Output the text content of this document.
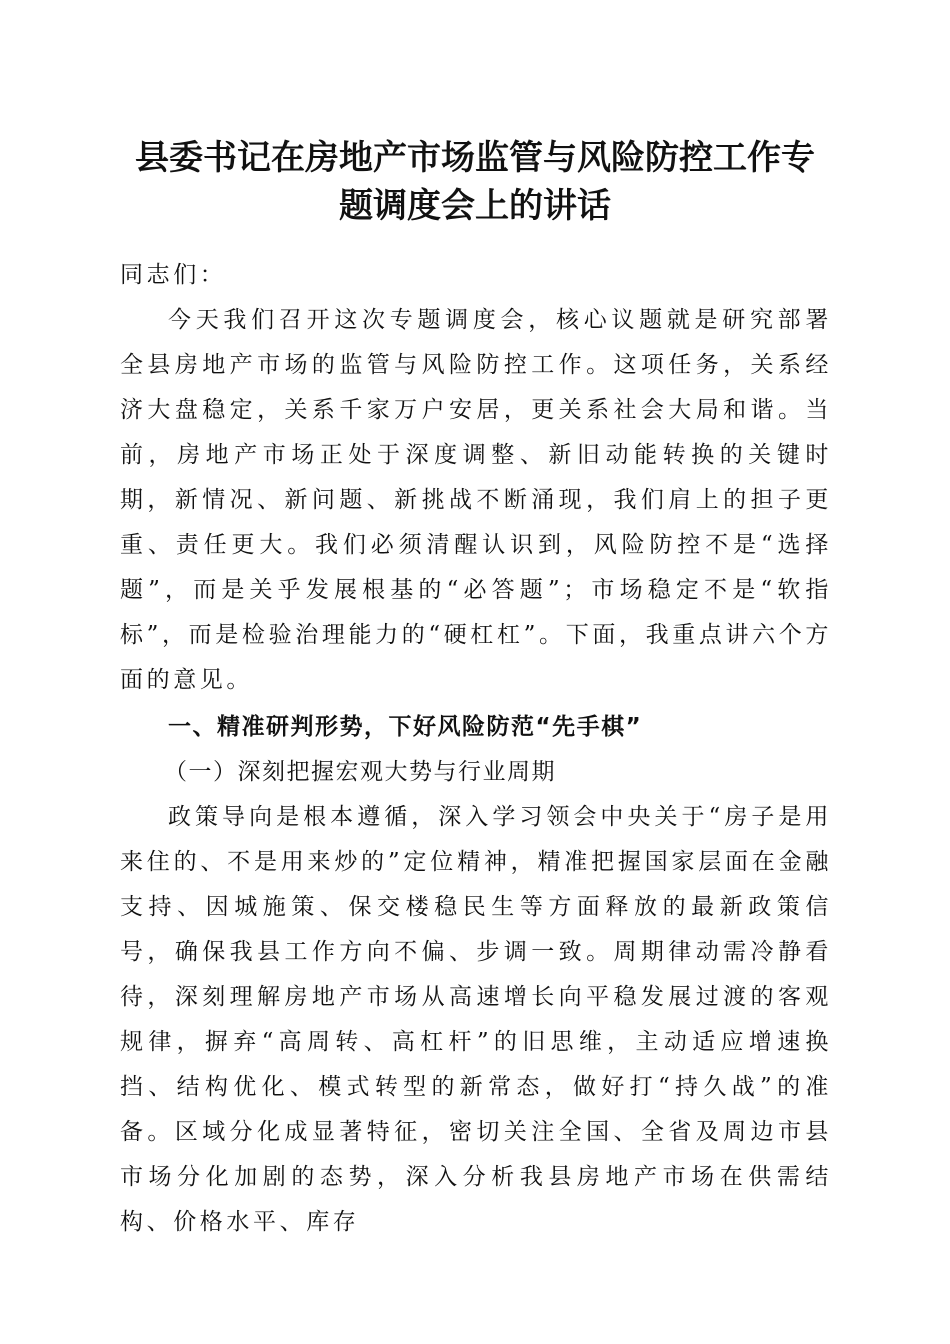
县委书记在房地产市场监管与风险防控工作专
题调度会上的讲话

同志们：

今天我们召开这次专题调度会，核心议题就是研究部署全县房地产市场的监管与风险防控工作。这项任务，关系经济大盘稳定，关系千家万户安居，更关系社会大局和谐。当前，房地产市场正处于深度调整、新旧动能转换的关键时期，新情况、新问题、新挑战不断涌现，我们肩上的担子更重、责任更大。我们必须清醒认识到，风险防控不是“选择题”，而是关乎发展根基的“必答题”；市场稳定不是“软指标”，而是检验治理能力的“硬杠杠”。下面，我重点讲六个方面的意见。

一、精准研判形势，下好风险防范“先手棋”

（一）深刻把握宏观大势与行业周期

政策导向是根本遵循，深入学习领会中央关于“房子是用来住的、不是用来炒的”定位精神，精准把握国家层面在金融支持、因城施策、保交楼稳民生等方面释放的最新政策信号，确保我县工作方向不偏、步调一致。周期律动需冷静看待，深刻理解房地产市场从高速增长向平稳发展过渡的客观规律，摒弃“高周转、高杠杆”的旧思维，主动适应增速换挡、结构优化、模式转型的新常态，做好打“持久战”的准备。区域分化成显著特征，密切关注全国、全省及周边市县市场分化加剧的态势，深入分析我县房地产市场在供需结构、价格水平、库存
